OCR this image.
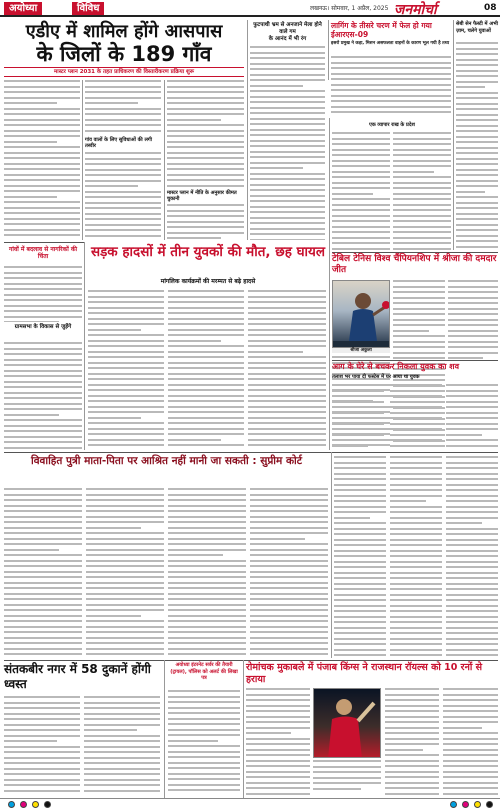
अयोध्या	विविध	लखनऊ। सोमवार, 1 अप्रैल, 2025 जनमोर्चा	08
एडीए में शामिल होंगे आसपास
के जिलों के 189 गाँव
मास्टर प्लान 2031 के तहत प्राधिकरण की विस्तारीकरण प्रक्रिया शुरू
गांव वालों के लिए सुविधाओं की लगी तस्वीर
मास्टर प्लान में नीति के अनुसार कीमत चुकानी
फुटपाथी भ्रम से अनजाने मेला होने वाले गम
के आनंद में भी रंग
लागिंग के तीसरे चरण में फेल हो गया ईआरएस-09
इसरो प्रमुख ने कहा, मिशन असफलता वाहनों के कारण भूल गयी है तथ्य
सेबी सेन फैस्टी में अभी ज़ाम, चलेगे युवाओं
गांवों में बदलाव से नागरिकों की चिंता
ग्रामसभा के विकास से जुड़ेंगे
सड़क हादसों में तीन युवकों की मौत, छह घायल
मांगलिक कार्यक्रमों की मरम्मत से बढ़े हादसे
एक व्यापार राख के प्रदेश
टेबिल टेनिस विश्व चैंपियनशिप में श्रीजा की दमदार जीत
श्रीजा अकुला
आग के घेरे से बचकर निकला युवक का शव
तलाश भर पाया दी फस्टेस में घर आया था युवक
विवाहित पुत्री माता-पिता पर आश्रित नहीं मानी जा सकती : सुप्रीम कोर्ट
संतकबीर नगर में 58 दुकानें होंगी ध्वस्त
अयोध्या इंटरनेट सर्वर की तैयारी (ट्रायल), पॉलिस को अलर्ट की लिखा पत्र
रोमांचक मुकाबले में पंजाब किंग्स ने राजस्थान रॉयल्स को 10 रनों से हराया
